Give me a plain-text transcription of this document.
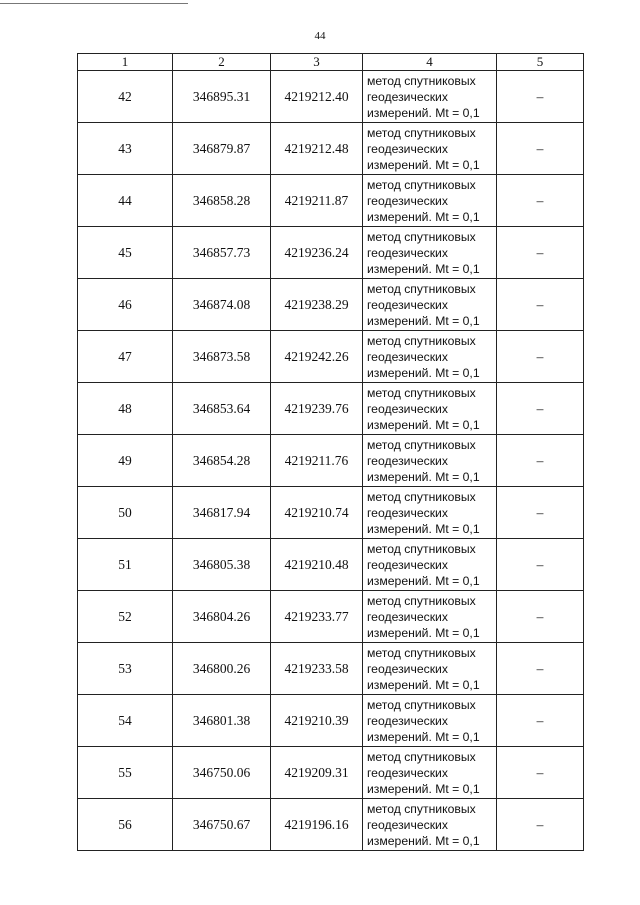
44
1	2	3	4	5
42	346895.31	4219212.40	метод спутниковых
геодезических
измерений. Mt = 0,1	–
43	346879.87	4219212.48	метод спутниковых
геодезических
измерений. Mt = 0,1	–
44	346858.28	4219211.87	метод спутниковых
геодезических
измерений. Mt = 0,1	–
45	346857.73	4219236.24	метод спутниковых
геодезических
измерений. Mt = 0,1	–
46	346874.08	4219238.29	метод спутниковых
геодезических
измерений. Mt = 0,1	–
47	346873.58	4219242.26	метод спутниковых
геодезических
измерений. Mt = 0,1	–
48	346853.64	4219239.76	метод спутниковых
геодезических
измерений. Mt = 0,1	–
49	346854.28	4219211.76	метод спутниковых
геодезических
измерений. Mt = 0,1	–
50	346817.94	4219210.74	метод спутниковых
геодезических
измерений. Mt = 0,1	–
51	346805.38	4219210.48	метод спутниковых
геодезических
измерений. Mt = 0,1	–
52	346804.26	4219233.77	метод спутниковых
геодезических
измерений. Mt = 0,1	–
53	346800.26	4219233.58	метод спутниковых
геодезических
измерений. Mt = 0,1	–
54	346801.38	4219210.39	метод спутниковых
геодезических
измерений. Mt = 0,1	–
55	346750.06	4219209.31	метод спутниковых
геодезических
измерений. Mt = 0,1	–
56	346750.67	4219196.16	метод спутниковых
геодезических
измерений. Mt = 0,1	–
